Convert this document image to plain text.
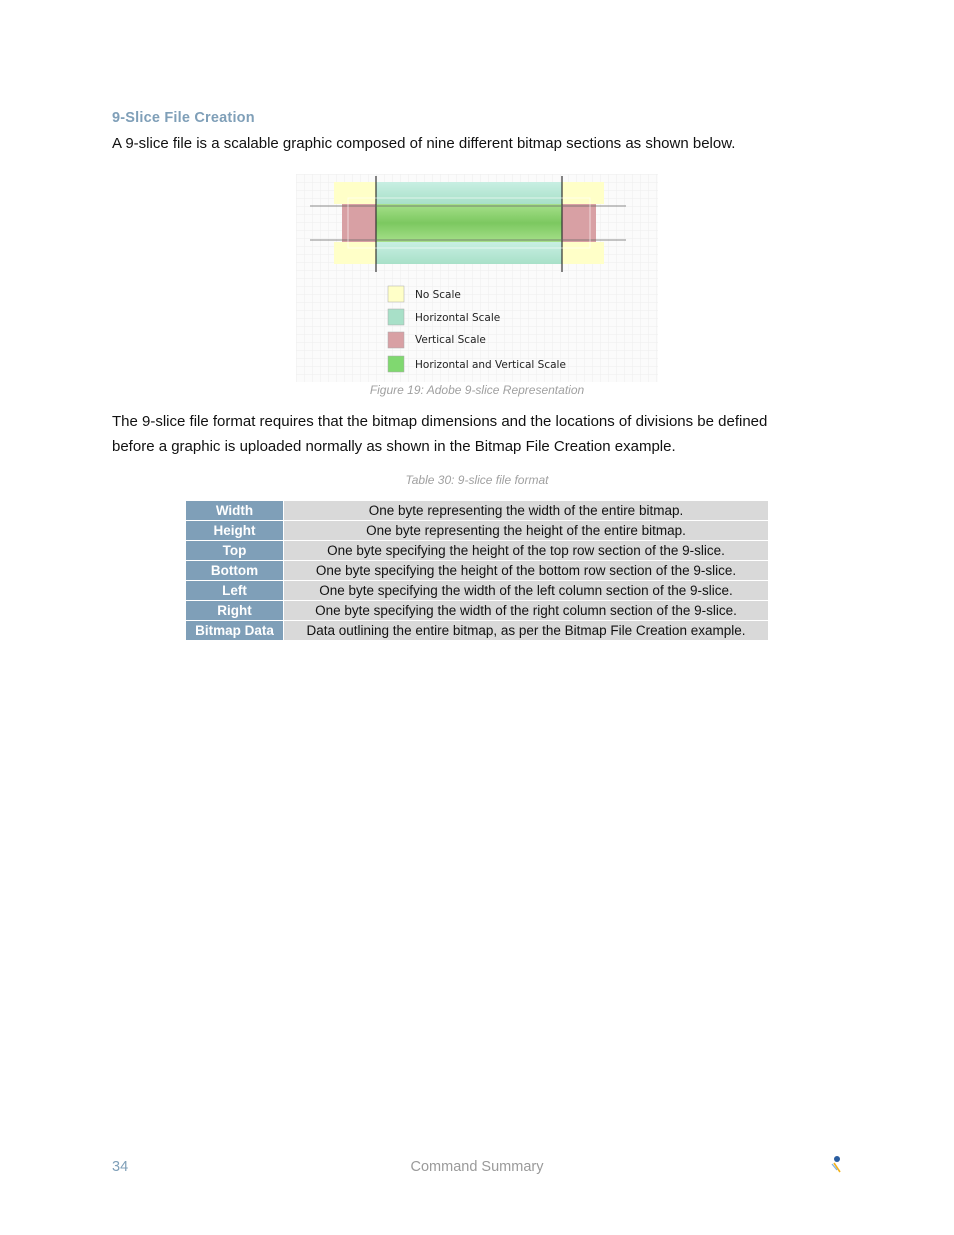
9-Slice File Creation
A 9-slice file is a scalable graphic composed of nine different bitmap sections as shown below.
No Scale
Horizontal Scale
Vertical Scale
Horizontal and Vertical Scale
Figure 19: Adobe 9-slice Representation
The 9-slice file format requires that the bitmap dimensions and the locations of divisions be defined
before a graphic is uploaded normally as shown in the Bitmap File Creation example.
Table 30: 9-slice file format
Width	One byte representing the width of the entire bitmap.
Height	One byte representing the height of the entire bitmap.
Top	One byte specifying the height of the top row section of the 9-slice.
Bottom	One byte specifying the height of the bottom row section of the 9-slice.
Left	One byte specifying the width of the left column section of the 9-slice.
Right	One byte specifying the width of the right column section of the 9-slice.
Bitmap Data	Data outlining the entire bitmap, as per the Bitmap File Creation example.
34	Command Summary
